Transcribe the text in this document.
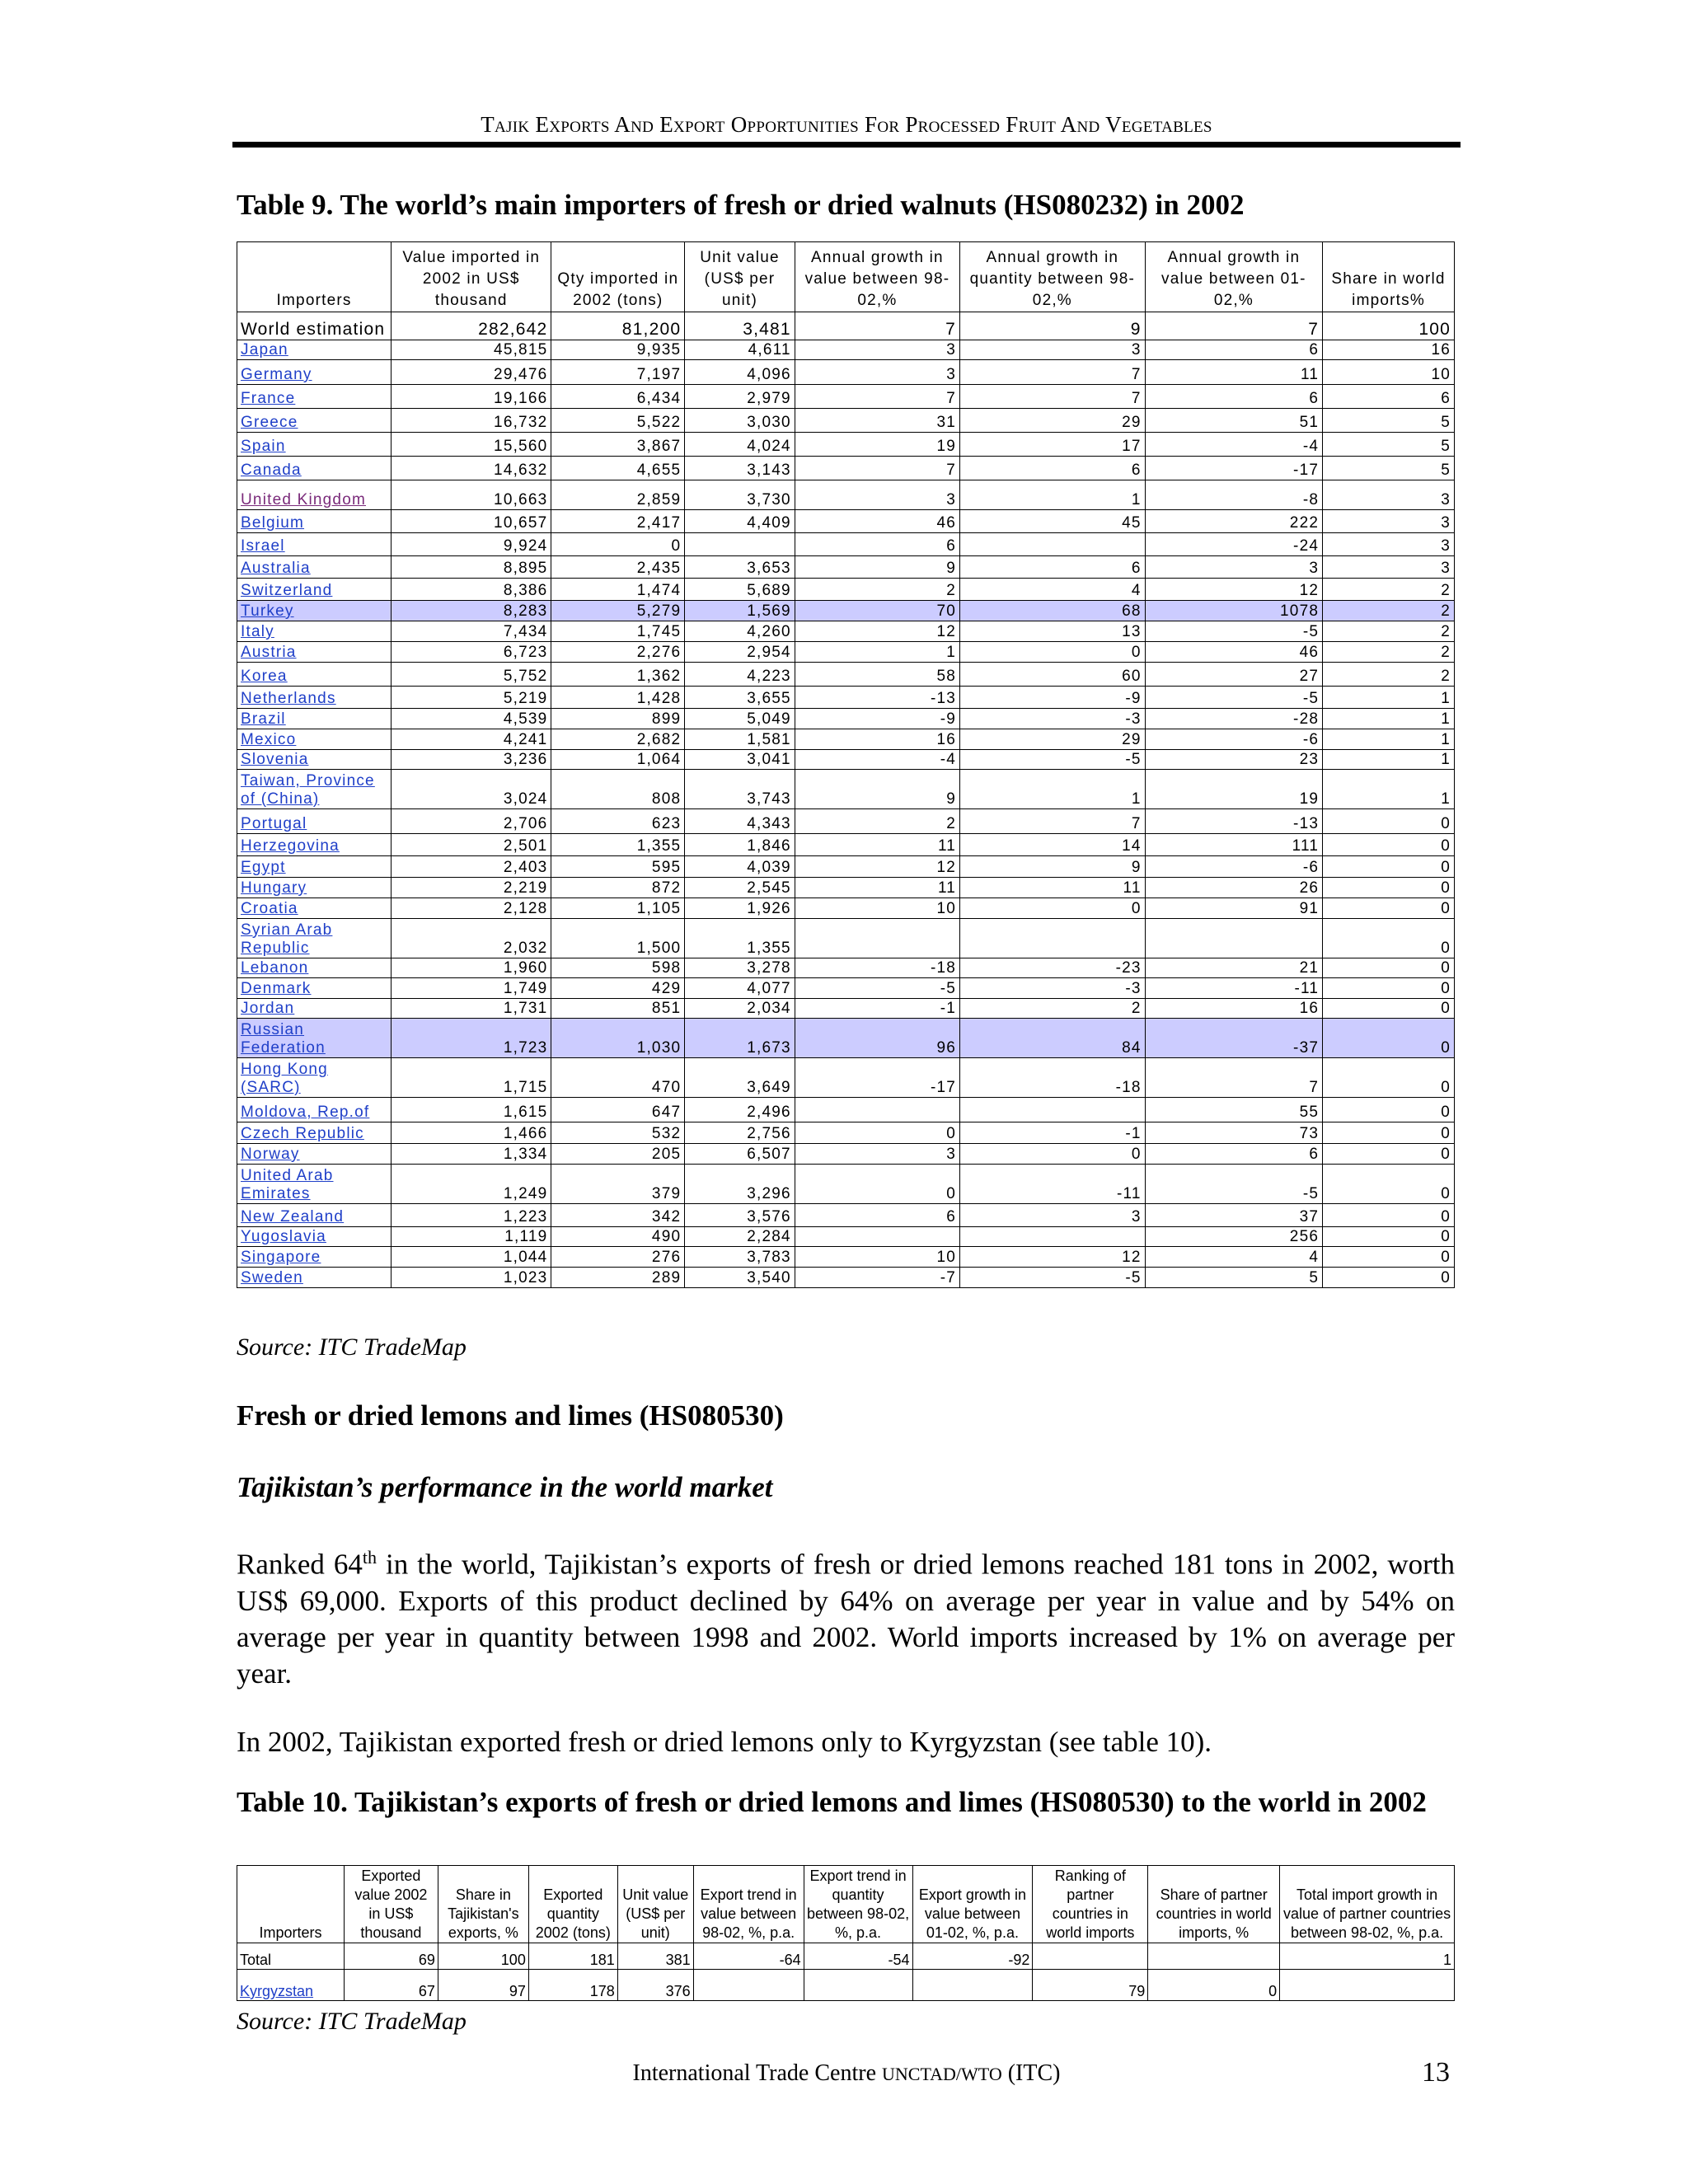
Tajik Exports And Export Opportunities For Processed Fruit And Vegetables
Table 9. The world’s main importers of fresh or dried walnuts (HS080232) in 2002
Importers	Value imported in 2002 in US$ thousand	Qty imported in 2002 (tons)	Unit value (US$ per unit)	Annual growth in value between 98-02,%	Annual growth in quantity between 98-02,%	Annual growth in value between 01-02,%	Share in world imports%
World estimation	282,642	81,200	3,481	7	9	7	100
Japan	45,815	9,935	4,611	3	3	6	16
Germany	29,476	7,197	4,096	3	7	11	10
France	19,166	6,434	2,979	7	7	6	6
Greece	16,732	5,522	3,030	31	29	51	5
Spain	15,560	3,867	4,024	19	17	-4	5
Canada	14,632	4,655	3,143	7	6	-17	5
United Kingdom	10,663	2,859	3,730	3	1	-8	3
Belgium	10,657	2,417	4,409	46	45	222	3
Israel	9,924	0		6		-24	3
Australia	8,895	2,435	3,653	9	6	3	3
Switzerland	8,386	1,474	5,689	2	4	12	2
Turkey	8,283	5,279	1,569	70	68	1078	2
Italy	7,434	1,745	4,260	12	13	-5	2
Austria	6,723	2,276	2,954	1	0	46	2
Korea	5,752	1,362	4,223	58	60	27	2
Netherlands	5,219	1,428	3,655	-13	-9	-5	1
Brazil	4,539	899	5,049	-9	-3	-28	1
Mexico	4,241	2,682	1,581	16	29	-6	1
Slovenia	3,236	1,064	3,041	-4	-5	23	1
Taiwan, Province of (China)	3,024	808	3,743	9	1	19	1
Portugal	2,706	623	4,343	2	7	-13	0
Herzegovina	2,501	1,355	1,846	11	14	111	0
Egypt	2,403	595	4,039	12	9	-6	0
Hungary	2,219	872	2,545	11	11	26	0
Croatia	2,128	1,105	1,926	10	0	91	0
Syrian Arab Republic	2,032	1,500	1,355				0
Lebanon	1,960	598	3,278	-18	-23	21	0
Denmark	1,749	429	4,077	-5	-3	-11	0
Jordan	1,731	851	2,034	-1	2	16	0
Russian Federation	1,723	1,030	1,673	96	84	-37	0
Hong Kong (SARC)	1,715	470	3,649	-17	-18	7	0
Moldova, Rep.of	1,615	647	2,496			55	0
Czech Republic	1,466	532	2,756	0	-1	73	0
Norway	1,334	205	6,507	3	0	6	0
United Arab Emirates	1,249	379	3,296	0	-11	-5	0
New Zealand	1,223	342	3,576	6	3	37	0
Yugoslavia	1,119	490	2,284			256	0
Singapore	1,044	276	3,783	10	12	4	0
Sweden	1,023	289	3,540	-7	-5	5	0
Source: ITC TradeMap
Fresh or dried lemons and limes (HS080530)
Tajikistan’s performance in the world market

Ranked 64th in the world, Tajikistan’s exports of fresh or dried lemons reached 181 tons in 2002, worth US$ 69,000. Exports of this product declined by 64% on average per year in value and by 54% on average per year in quantity between 1998 and 2002. World imports increased by 1% on average per year.

In 2002, Tajikistan exported fresh or dried lemons only to Kyrgyzstan (see table 10).

Table 10. Tajikistan’s exports of fresh or dried lemons and limes (HS080530) to the world in 2002
Importers	Exported value 2002 in US$ thousand	Share in Tajikistan's exports, %	Exported quantity 2002 (tons)	Unit value (US$ per unit)	Export trend in value between 98-02, %, p.a.	Export trend in quantity between 98-02, %, p.a.	Export growth in value between 01-02, %, p.a.	Ranking of partner countries in world imports	Share of partner countries in world imports, %	Total import growth in value of partner countries between 98-02, %, p.a.
Total	69	100	181	381	-64	-54	-92			1
Kyrgyzstan	67	97	178	376				79	0	
Source: ITC TradeMap
International Trade Centre UNCTAD/WTO (ITC)	13
